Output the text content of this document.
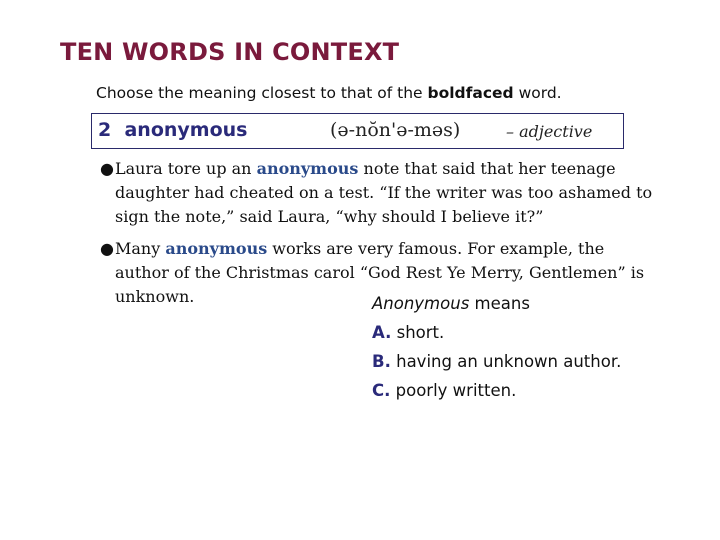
TEN WORDS IN CONTEXT
Choose the meaning closest to that of the boldfaced word.
2 anonymous	(ə-nŏn'ə-məs)	– adjective
● Laura tore up an anonymous note that said that her teenage daughter had cheated on a test. “If the writer was too ashamed to sign the note,” said Laura, “why should I believe it?”
● Many anonymous works are very famous. For example, the author of the Christmas carol “God Rest Ye Merry, Gentlemen” is unknown.	Anonymous means
A. short.
B. having an unknown author.
C. poorly written.
